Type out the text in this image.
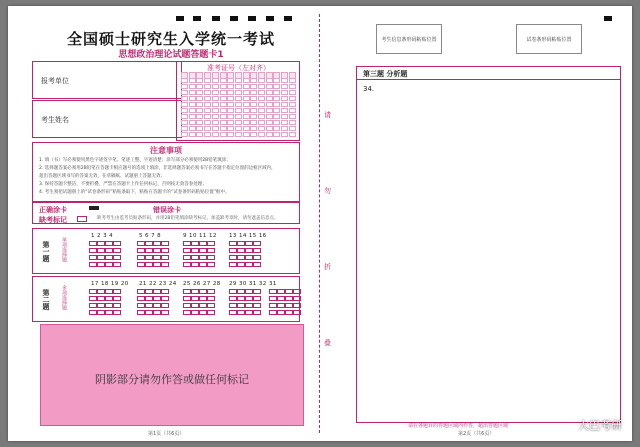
全国硕士研究生入学统一考试
思想政治理论试题答题卡1
报考单位
考生姓名
准考证号（左对齐）
注意事项
1. 填（书）写必须使用黑色字迹签字笔、笔迹工整、字迹清楚；涂写部分必须使用2B铅笔填涂；
2. 选择题答案必须用2B铅笔在答题卡相应题号的选项上填涂，非选择题答案必须书写在答题卡指定位置的边框区域内，
超出答题区域书写的答案无效，在草稿纸、试题册上答题无效；
3. 保持答题卡整洁，不要折叠，严禁在答题卡上作任何标记，否则按无效答卷处理；
4. 考生须把试题册上的“试卷条形码”粘贴条取下，粘贴在答题卡的“试卷条形码粘贴位置”框中。
正确涂卡	错误涂卡
缺考标记	缺考考生由监考员贴条形码，并用2B铅笔填涂缺考标记，加盖缺考章时，请勿遮盖信息点。
第一题 单项选择题
1 2 3 4	5 6 7 8	9 10 11 12 13 14 15 16
第二题 多项选择题
17 18 19 20 21 22 23 24 25 26 27 28 29 30 31 32 31
阴影部分请勿作答或做任何标记
第1页（共6页）
请
勿
折
叠
考生信息条形码粘贴位置	试卷条形码粘贴位置
第三题 分析题
34.
请在各题目的答题区域内作答，超出答题区域
第2页（共6页）
大巴考研
